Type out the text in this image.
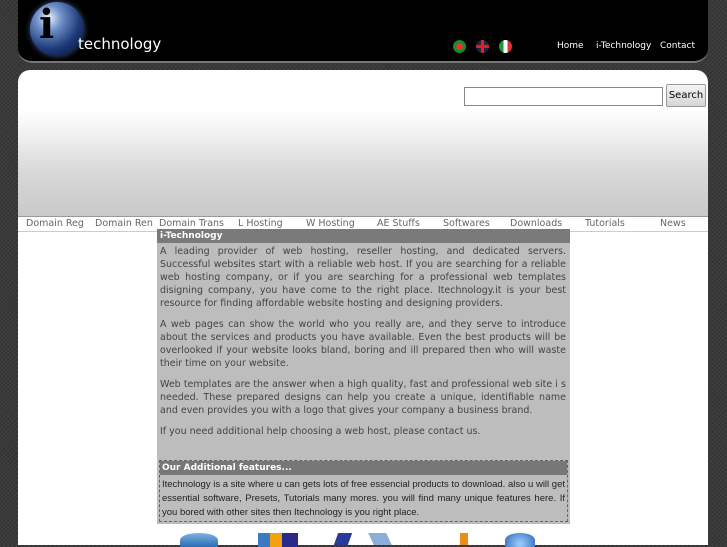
i technology	Home i-Technology Contact
Search
Domain Reg Domain Ren Domain Trans L Hosting W Hosting AE Stuffs Softwares Downloads Tutorials	News
i-Technology

A leading provider of web hosting, reseller hosting, and dedicated servers. Successful websites start with a reliable web host. If you are searching for a reliable web hosting company, or if you are searching for a professional web templates disigning company, you have come to the right place. Itechnology.it is your best resource for finding affordable website hosting and designing providers.

A web pages can show the world who you really are, and they serve to introduce about the services and products you have available. Even the best products will be overlooked if your website looks bland, boring and ill prepared then who will waste their time on your website.

Web templates are the answer when a high quality, fast and professional web site i s needed. These prepared designs can help you create a unique, identifiable name and even provides you with a logo that gives your company a business brand.

If you need additional help choosing a web host, please contact us.

Our Additional features...
Itechnology is a site where u can gets lots of free essencial products to download. also u will get essential software, Presets, Tutorials many mores. you will find many unique features here. If you bored with other sites then Itechnology is you right place.
